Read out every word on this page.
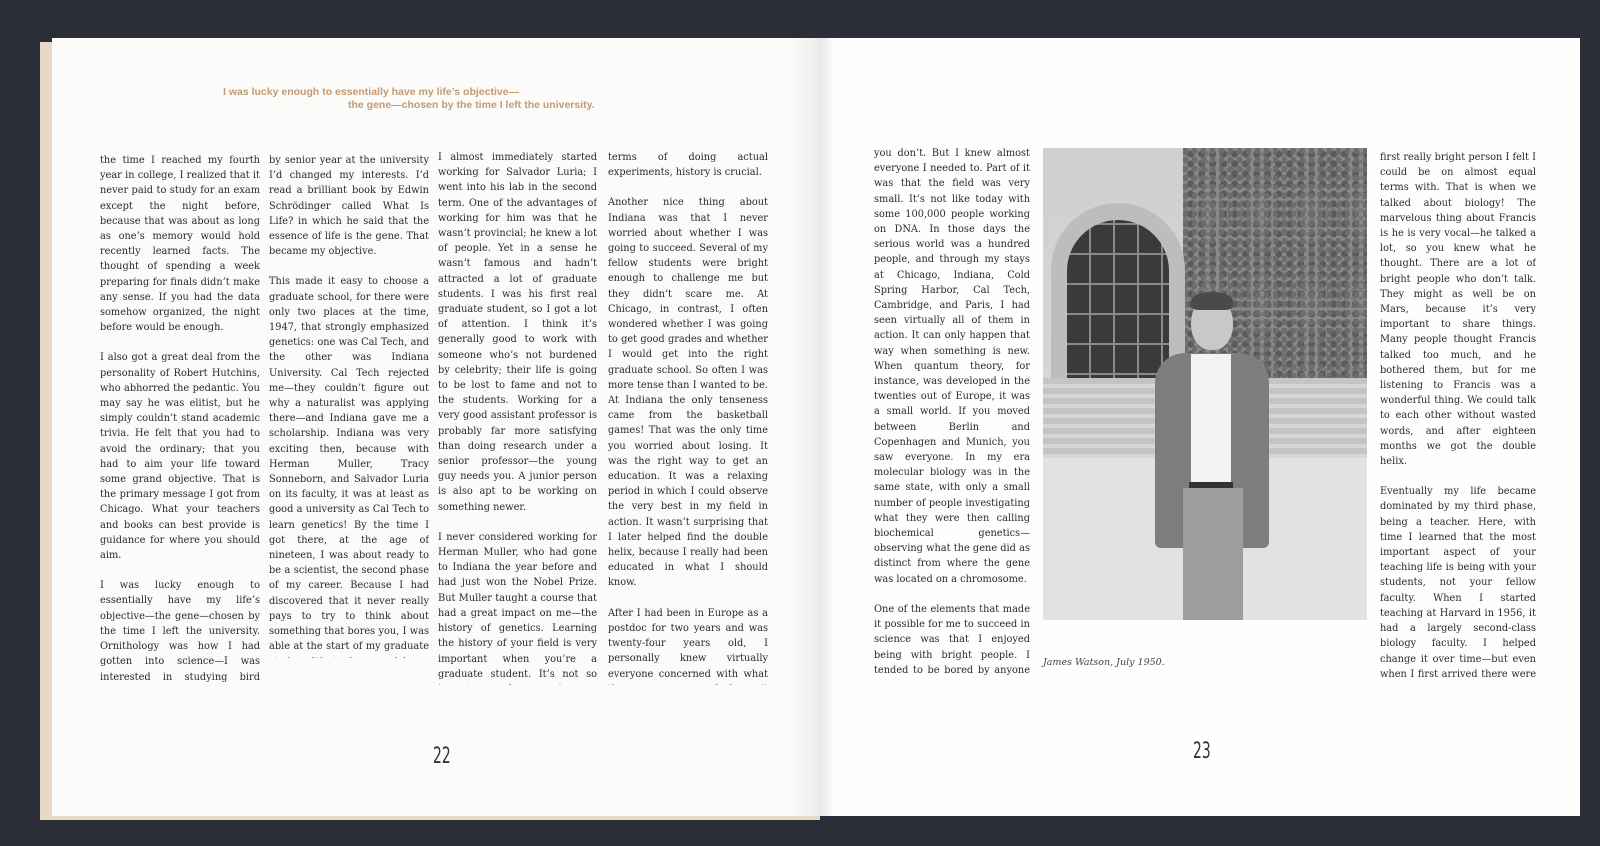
I was lucky enough to essentially have my life’s objective—

the gene—chosen by the time I left the university.

the time I reached my fourth year in college, I realized that it never paid to study for an exam except the night before, because that was about as long as one’s memory would hold recently learned facts. The thought of spending a week preparing for finals didn’t make any sense. If you had the data somehow organized, the night before would be enough.

I also got a great deal from the personality of Robert Hutchins, who abhorred the pedantic. You may say he was elitist, but he simply couldn’t stand academic trivia. He felt that you had to avoid the ordinary; that you had to aim your life toward some grand objective. That is the primary message I got from Chicago. What your teachers and books can best provide is guidance for where you should aim.

I was lucky enough to essentially have my life’s objective—the gene—chosen by the time I left the university. Ornithology was how I had gotten into science—I was interested in studying bird

by senior year at the university I’d changed my interests. I’d read a brilliant book by Edwin Schrödinger called What Is Life? in which he said that the essence of life is the gene. That became my objective.

This made it easy to choose a graduate school, for there were only two places at the time, 1947, that strongly emphasized genetics: one was Cal Tech, and the other was Indiana University. Cal Tech rejected me—they couldn’t figure out why a naturalist was applying there—and Indiana gave me a scholarship. Indiana was very exciting then, because with Herman Muller, Tracy Sonneborn, and Salvador Luria on its faculty, it was at least as good a university as Cal Tech to learn genetics! By the time I got there, at the age of nineteen, I was about ready to be a scientist, the second phase of my career. Because I had discovered that it never really pays to try to think about something that bores you, I was able at the start of my graduate

I almost immediately started working for Salvador Luria; I went into his lab in the second term. One of the advantages of working for him was that he wasn’t provincial; he knew a lot of people. Yet in a sense he wasn’t famous and hadn’t attracted a lot of graduate students. I was his first real graduate student, so I got a lot of attention. I think it’s generally good to work with someone who’s not burdened by celebrity; their life is going to be lost to fame and not to the students. Working for a very good assistant professor is probably far more satisfying than doing research under a senior professor—the young guy needs you. A junior person is also apt to be working on something newer.

I never considered working for Herman Muller, who had gone to Indiana the year before and had just won the Nobel Prize. But Muller taught a course that had a great impact on me—the history of genetics. Learning the history of your field is very important when you’re a graduate student. It’s not so

terms of doing actual experiments, history is crucial.

Another nice thing about Indiana was that I never worried about whether I was going to succeed. Several of my fellow students were bright enough to challenge me but they didn’t scare me. At Chicago, in contrast, I often wondered whether I was going to get good grades and whether I would get into the right graduate school. So often I was more tense than I wanted to be. At Indiana the only tenseness came from the basketball games! That was the only time you worried about losing. It was the right way to get an education. It was a relaxing period in which I could observe the very best in my field in action. It wasn’t surprising that I later helped find the double helix, because I really had been educated in what I should know.

After I had been in Europe as a postdoc for two years and was twenty-four years old, I personally knew virtually everyone concerned with what

22

you don’t. But I knew almost everyone I needed to. Part of it was that the field was very small. It’s not like today with some 100,000 people working on DNA. In those days the serious world was a hundred people, and through my stays at Chicago, Indiana, Cold Spring Harbor, Cal Tech, Cambridge, and Paris, I had seen virtually all of them in action. It can only happen that way when something is new. When quantum theory, for instance, was developed in the twenties out of Europe, it was a small world. If you moved between Berlin and Copenhagen and Munich, you saw everyone. In my era molecular biology was in the same state, with only a small number of people investigating what they were then calling biochemical genetics—observing what the gene did as distinct from where the gene was located on a chromosome.

One of the elements that made it possible for me to succeed in science was that I enjoyed being with bright people. I tended to be bored by anyone

James Watson, July 1950.

first really bright person I felt I could be on almost equal terms with. That is when we talked about biology! The marvelous thing about Francis is he is very vocal—he talked a lot, so you knew what he thought. There are a lot of bright people who don’t talk. They might as well be on Mars, because it’s very important to share things. Many people thought Francis talked too much, and he bothered them, but for me listening to Francis was a wonderful thing. We could talk to each other without wasted words, and after eighteen months we got the double helix.

Eventually my life became dominated by my third phase, being a teacher. Here, with time I learned that the most important aspect of your teaching life is being with your students, not your fellow faculty. When I started teaching at Harvard in 1956, it had a largely second-class biology faculty. I helped change it over time—but even when I first arrived there were

23
